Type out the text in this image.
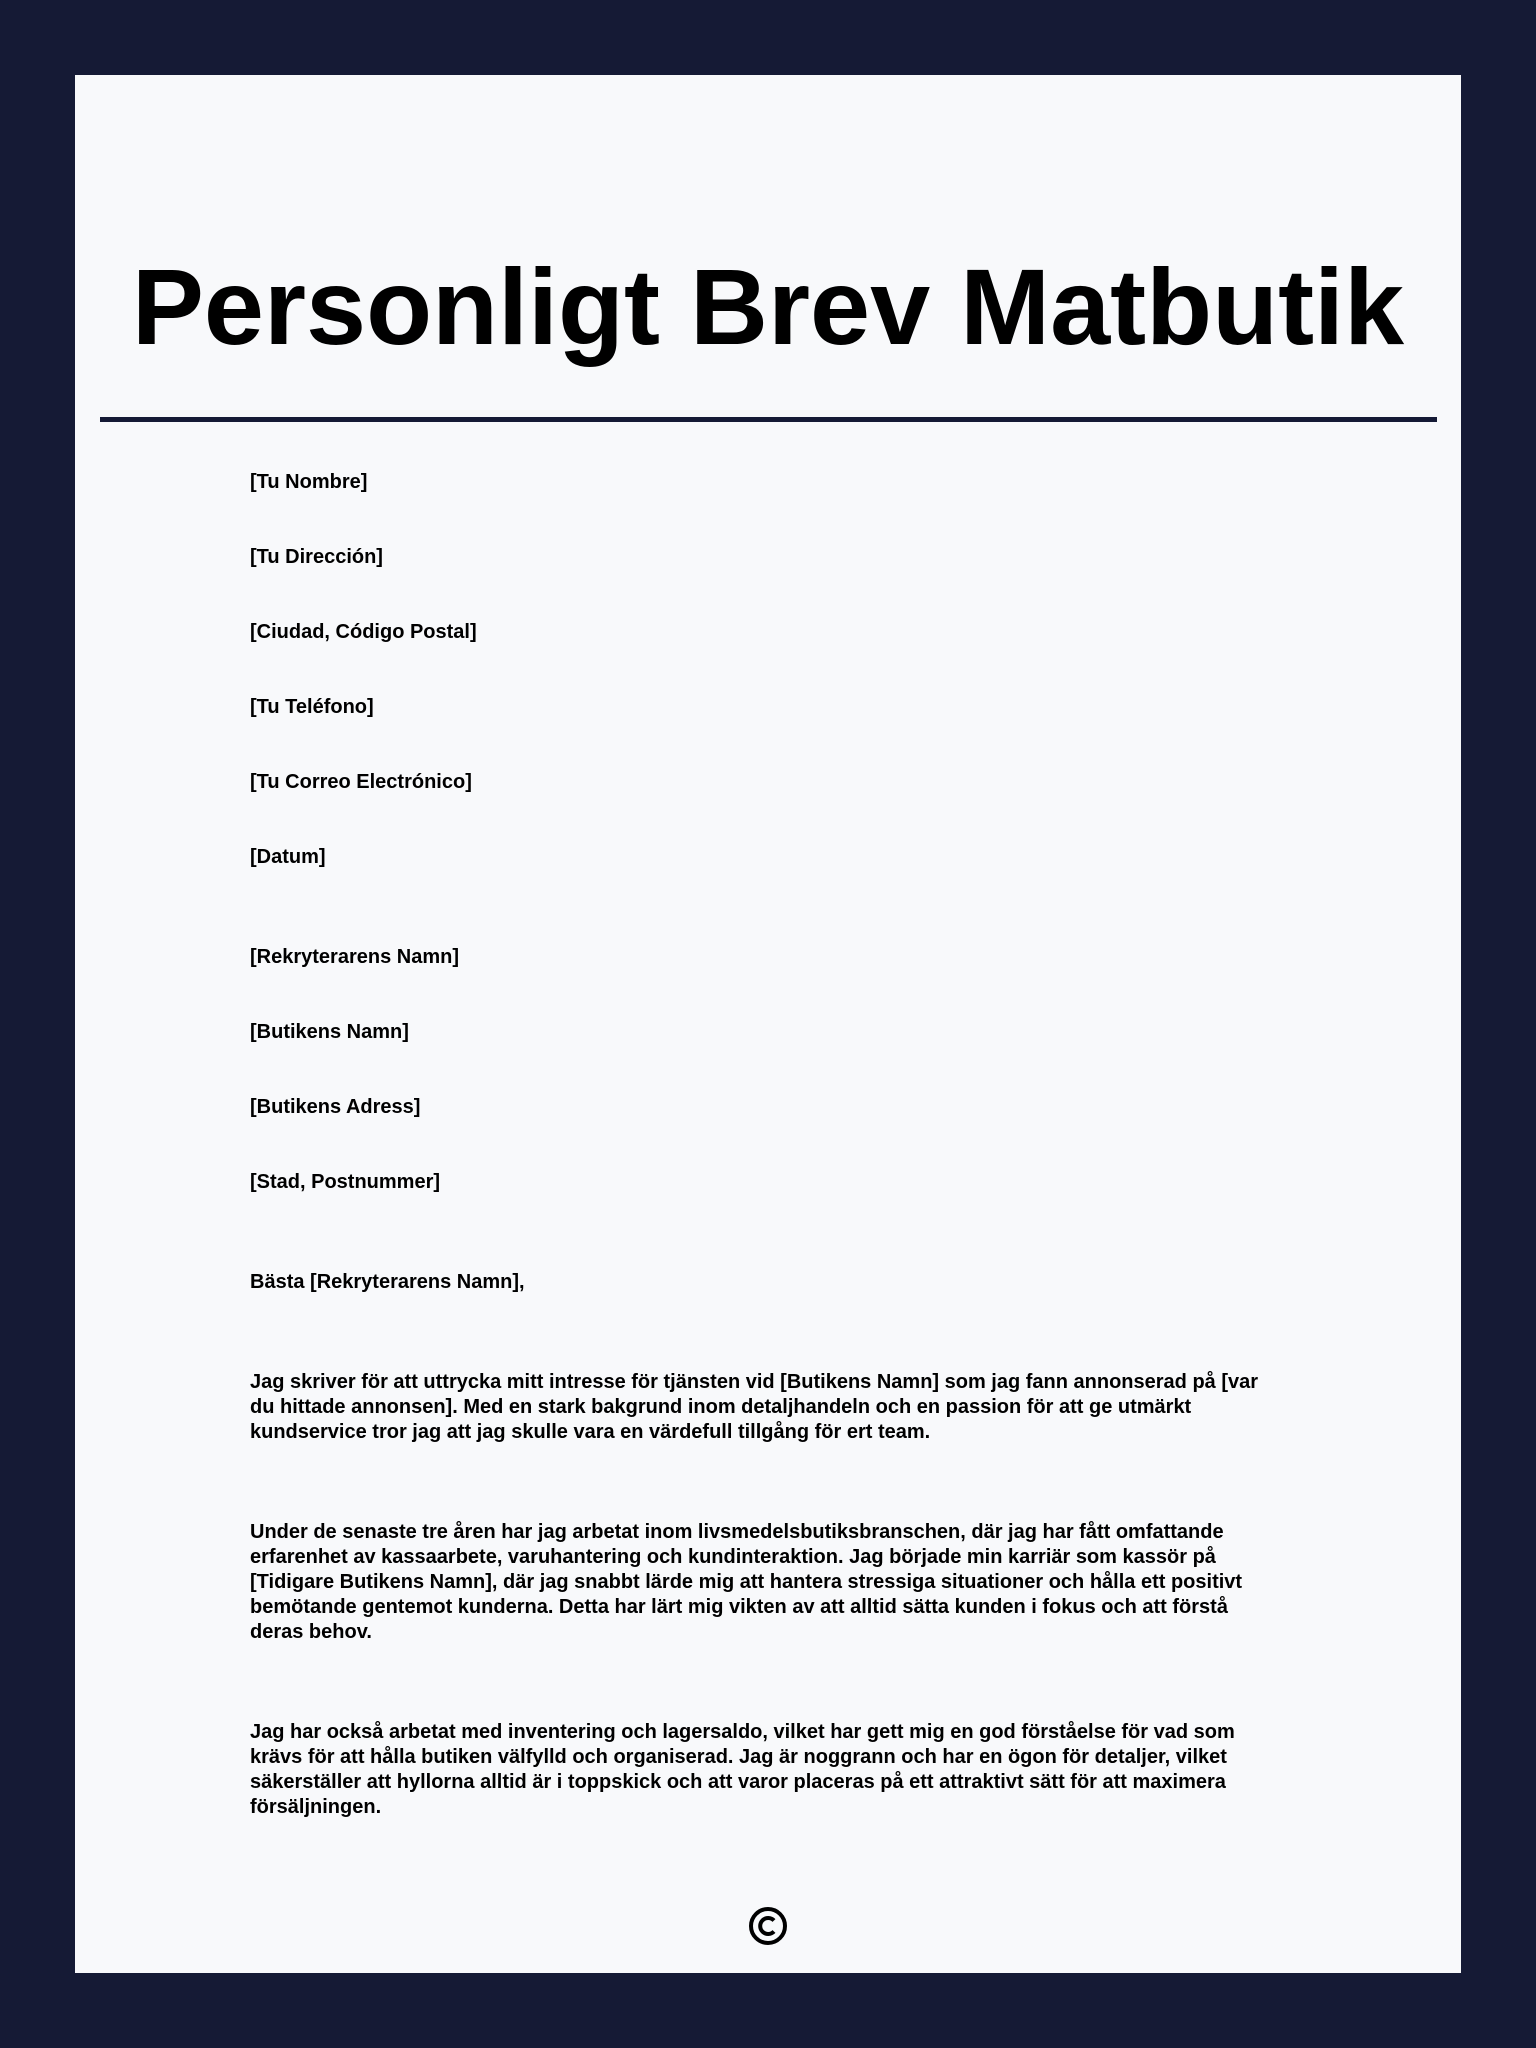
Personligt Brev Matbutik

[Tu Nombre]

[Tu Dirección]

[Ciudad, Código Postal]

[Tu Teléfono]

[Tu Correo Electrónico]

[Datum]

[Rekryterarens Namn]

[Butikens Namn]

[Butikens Adress]

[Stad, Postnummer]

Bästa [Rekryterarens Namn],

Jag skriver för att uttrycka mitt intresse för tjänsten vid [Butikens Namn] som jag fann annonserad på [var du hittade annonsen]. Med en stark bakgrund inom detaljhandeln och en passion för att ge utmärkt kundservice tror jag att jag skulle vara en värdefull tillgång för ert team.

Under de senaste tre åren har jag arbetat inom livsmedelsbutiksbranschen, där jag har fått omfattande erfarenhet av kassaarbete, varuhantering och kundinteraktion. Jag började min karriär som kassör på [Tidigare Butikens Namn], där jag snabbt lärde mig att hantera stressiga situationer och hålla ett positivt bemötande gentemot kunderna. Detta har lärt mig vikten av att alltid sätta kunden i fokus och att förstå deras behov.

Jag har också arbetat med inventering och lagersaldo, vilket har gett mig en god förståelse för vad som krävs för att hålla butiken välfylld och organiserad. Jag är noggrann och har en ögon för detaljer, vilket säkerställer att hyllorna alltid är i toppskick och att varor placeras på ett attraktivt sätt för att maximera försäljningen.
